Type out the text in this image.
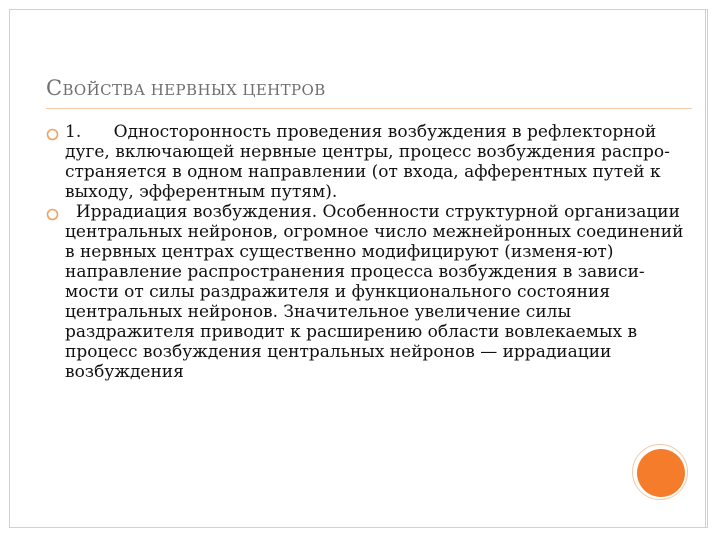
СВОЙСТВА НЕРВНЫХ ЦЕНТРОВ
1.      Односторонность проведения возбуждения в рефлекторной дуге, включающей нервные центры, процесс возбуждения распро-страняется в одном направлении (от входа, афферентных путей к выходу, эфферентным путям).
Иррадиация возбуждения. Особенности структурной организации центральных нейронов, огромное число межнейронных соединений в нервных центрах существенно модифицируют (изменя-ют) направление распространения процесса возбуждения в зависи-мости от силы раздражителя и функционального состояния центральных нейронов. Значительное увеличение силы раздражителя приводит к расширению области вовлекаемых в процесс возбуждения центральных нейронов — иррадиации возбуждения
